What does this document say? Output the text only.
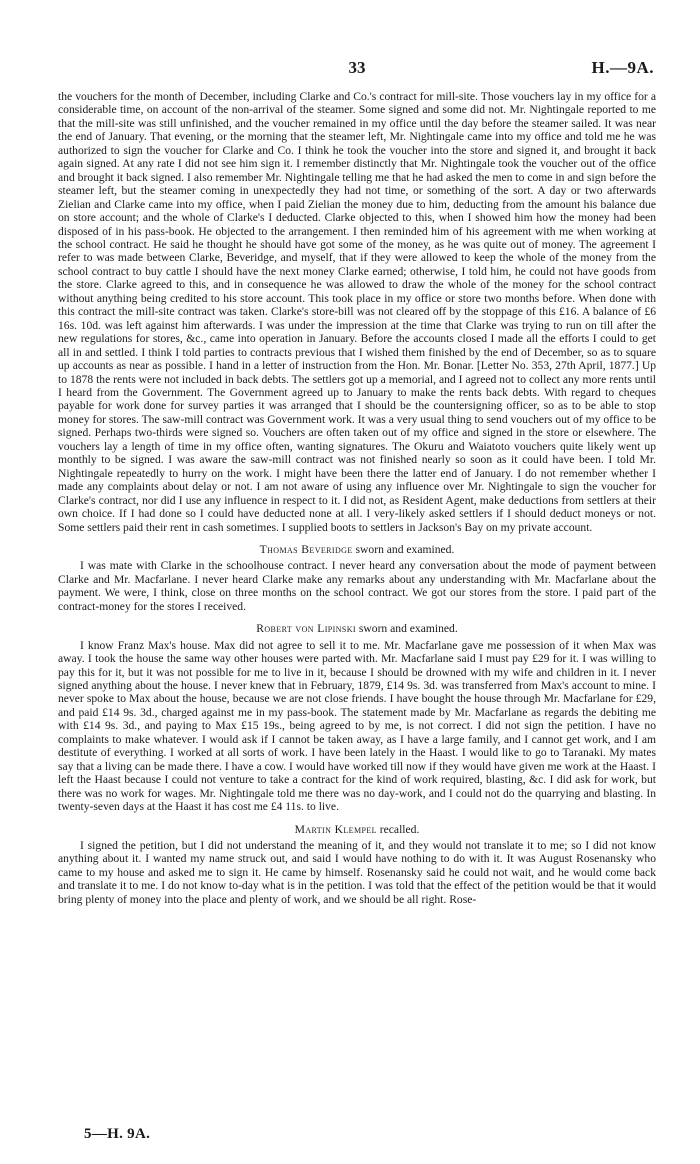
33	H.—9A.

the vouchers for the month of December, including Clarke and Co.'s contract for mill-site. Those vouchers lay in my office for a considerable time, on account of the non-arrival of the steamer. Some signed and some did not. Mr. Nightingale reported to me that the mill-site was still unfinished, and the voucher remained in my office until the day before the steamer sailed. It was near the end of January. That evening, or the morning that the steamer left, Mr. Nightingale came into my office and told me he was authorized to sign the voucher for Clarke and Co. I think he took the voucher into the store and signed it, and brought it back again signed. At any rate I did not see him sign it. I remember distinctly that Mr. Nightingale took the voucher out of the office and brought it back signed. I also remember Mr. Nightingale telling me that he had asked the men to come in and sign before the steamer left, but the steamer coming in unexpectedly they had not time, or something of the sort. A day or two afterwards Zielian and Clarke came into my office, when I paid Zielian the money due to him, deducting from the amount his balance due on store account; and the whole of Clarke's I deducted. Clarke objected to this, when I showed him how the money had been disposed of in his pass-book. He objected to the arrangement. I then reminded him of his agreement with me when working at the school contract. He said he thought he should have got some of the money, as he was quite out of money. The agreement I refer to was made between Clarke, Beveridge, and myself, that if they were allowed to keep the whole of the money from the school contract to buy cattle I should have the next money Clarke earned; otherwise, I told him, he could not have goods from the store. Clarke agreed to this, and in consequence he was allowed to draw the whole of the money for the school contract without anything being credited to his store account. This took place in my office or store two months before. When done with this contract the mill-site contract was taken. Clarke's store-bill was not cleared off by the stoppage of this £16. A balance of £6 16s. 10d. was left against him afterwards. I was under the impression at the time that Clarke was trying to run on till after the new regulations for stores, &c., came into operation in January. Before the accounts closed I made all the efforts I could to get all in and settled. I think I told parties to contracts previous that I wished them finished by the end of December, so as to square up accounts as near as possible. I hand in a letter of instruction from the Hon. Mr. Bonar. [Letter No. 353, 27th April, 1877.] Up to 1878 the rents were not included in back debts. The settlers got up a memorial, and I agreed not to collect any more rents until I heard from the Government. The Government agreed up to January to make the rents back debts. With regard to cheques payable for work done for survey parties it was arranged that I should be the countersigning officer, so as to be able to stop money for stores. The saw-mill contract was Government work. It was a very usual thing to send vouchers out of my office to be signed. Perhaps two-thirds were signed so. Vouchers are often taken out of my office and signed in the store or elsewhere. The vouchers lay a length of time in my office often, wanting signatures. The Okuru and Waiatoto vouchers quite likely went up monthly to be signed. I was aware the saw-mill contract was not finished nearly so soon as it could have been. I told Mr. Nightingale repeatedly to hurry on the work. I might have been there the latter end of January. I do not remember whether I made any complaints about delay or not. I am not aware of using any influence over Mr. Nightingale to sign the voucher for Clarke's contract, nor did I use any influence in respect to it. I did not, as Resident Agent, make deductions from settlers at their own choice. If I had done so I could have deducted none at all. I very-likely asked settlers if I should deduct moneys or not. Some settlers paid their rent in cash sometimes. I supplied boots to settlers in Jackson's Bay on my private account.

Thomas Beveridge sworn and examined.

I was mate with Clarke in the schoolhouse contract. I never heard any conversation about the mode of payment between Clarke and Mr. Macfarlane. I never heard Clarke make any remarks about any understanding with Mr. Macfarlane about the payment. We were, I think, close on three months on the school contract. We got our stores from the store. I paid part of the contract-money for the stores I received.

Robert von Lipinski sworn and examined.

I know Franz Max's house. Max did not agree to sell it to me. Mr. Macfarlane gave me possession of it when Max was away. I took the house the same way other houses were parted with. Mr. Macfarlane said I must pay £29 for it. I was willing to pay this for it, but it was not possible for me to live in it, because I should be drowned with my wife and children in it. I never signed anything about the house. I never knew that in February, 1879, £14 9s. 3d. was transferred from Max's account to mine. I never spoke to Max about the house, because we are not close friends. I have bought the house through Mr. Macfarlane for £29, and paid £14 9s. 3d., charged against me in my pass-book. The statement made by Mr. Macfarlane as regards the debiting me with £14 9s. 3d., and paying to Max £15 19s., being agreed to by me, is not correct. I did not sign the petition. I have no complaints to make whatever. I would ask if I cannot be taken away, as I have a large family, and I cannot get work, and I am destitute of everything. I worked at all sorts of work. I have been lately in the Haast. I would like to go to Taranaki. My mates say that a living can be made there. I have a cow. I would have worked till now if they would have given me work at the Haast. I left the Haast because I could not venture to take a contract for the kind of work required, blasting, &c. I did ask for work, but there was no work for wages. Mr. Nightingale told me there was no day-work, and I could not do the quarrying and blasting. In twenty-seven days at the Haast it has cost me £4 11s. to live.

Martin Klempel recalled.

I signed the petition, but I did not understand the meaning of it, and they would not translate it to me; so I did not know anything about it. I wanted my name struck out, and said I would have nothing to do with it. It was August Rosenansky who came to my house and asked me to sign it. He came by himself. Rosenansky said he could not wait, and he would come back and translate it to me. I do not know to-day what is in the petition. I was told that the effect of the petition would be that it would bring plenty of money into the place and plenty of work, and we should be all right. Rose-

5—H. 9A.
